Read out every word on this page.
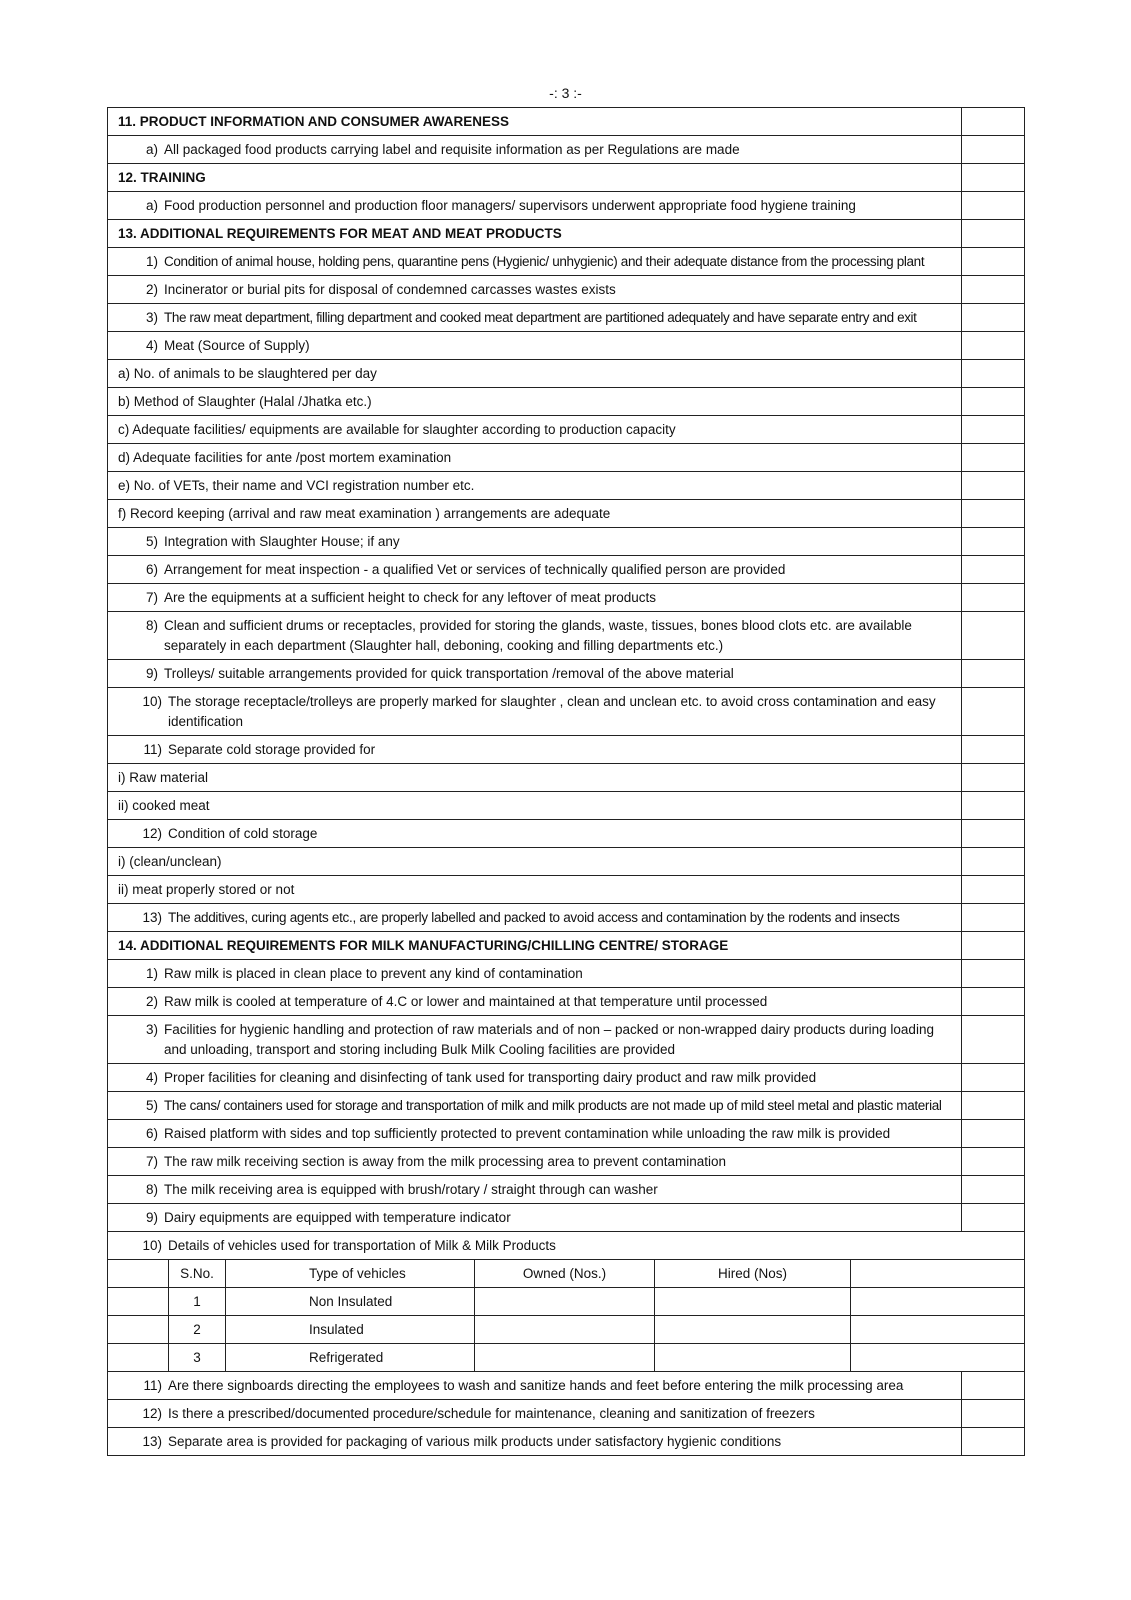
-: 3 :-
11. PRODUCT INFORMATION AND CONSUMER AWARENESS
a) All packaged food products carrying label and requisite information as per Regulations are made
12. TRAINING
a) Food production personnel and production floor managers/ supervisors underwent appropriate food hygiene training
13. ADDITIONAL REQUIREMENTS FOR MEAT AND MEAT PRODUCTS
1) Condition of animal house, holding pens, quarantine pens (Hygienic/ unhygienic) and their adequate distance from the processing plant
2) Incinerator or burial pits for disposal of condemned carcasses wastes exists
3) The raw meat department, filling department and cooked meat department are partitioned adequately and have separate entry and exit
4) Meat (Source of Supply)
a) No. of animals to be slaughtered per day
b) Method of Slaughter (Halal /Jhatka etc.)
c) Adequate facilities/ equipments are available for slaughter according to production capacity
d) Adequate facilities for ante /post mortem examination
e) No. of VETs, their name and VCI registration number etc.
f) Record keeping (arrival and raw meat examination ) arrangements are adequate
5) Integration with Slaughter House; if any
6) Arrangement for meat inspection - a qualified Vet or services of technically qualified person are provided
7) Are the equipments at a sufficient height to check for any leftover of meat products
8) Clean and sufficient drums or receptacles, provided for storing the glands, waste, tissues, bones blood clots etc. are available separately in each department (Slaughter hall, deboning, cooking and filling departments etc.)
9) Trolleys/ suitable arrangements provided for quick transportation /removal of the above material
10) The storage receptacle/trolleys are properly marked for slaughter , clean and unclean etc. to avoid cross contamination and easy identification
11) Separate cold storage provided for
i) Raw material
ii) cooked meat
12) Condition of cold storage
i) (clean/unclean)
ii) meat properly stored or not
13) The additives, curing agents etc., are properly labelled and packed to avoid access and contamination by the rodents and insects
14. ADDITIONAL REQUIREMENTS FOR MILK MANUFACTURING/CHILLING CENTRE/ STORAGE
1) Raw milk is placed in clean place to prevent any kind of contamination
2) Raw milk is cooled at temperature of 4.C or lower and maintained at that temperature until processed
3) Facilities for hygienic handling and protection of raw materials and of non – packed or non-wrapped dairy products during loading and unloading, transport and storing including Bulk Milk Cooling facilities are provided
4) Proper facilities for cleaning and disinfecting of tank used for transporting dairy product and raw milk provided
5) The cans/ containers used for storage and transportation of milk and milk products are not made up of mild steel metal and plastic material
6) Raised platform with sides and top sufficiently protected to prevent contamination while unloading the raw milk is provided
7) The raw milk receiving section is away from the milk processing area to prevent contamination
8) The milk receiving area is equipped with brush/rotary / straight through can washer
9) Dairy equipments are equipped with temperature indicator
10) Details of vehicles used for transportation of Milk & Milk Products
S.No.	Type of vehicles	Owned (Nos.)	Hired (Nos)
1	Non Insulated
2	Insulated
3	Refrigerated
11) Are there signboards directing the employees to wash and sanitize hands and feet before entering the milk processing area
12) Is there a prescribed/documented procedure/schedule for maintenance, cleaning and sanitization of freezers
13) Separate area is provided for packaging of various milk products under satisfactory hygienic conditions
